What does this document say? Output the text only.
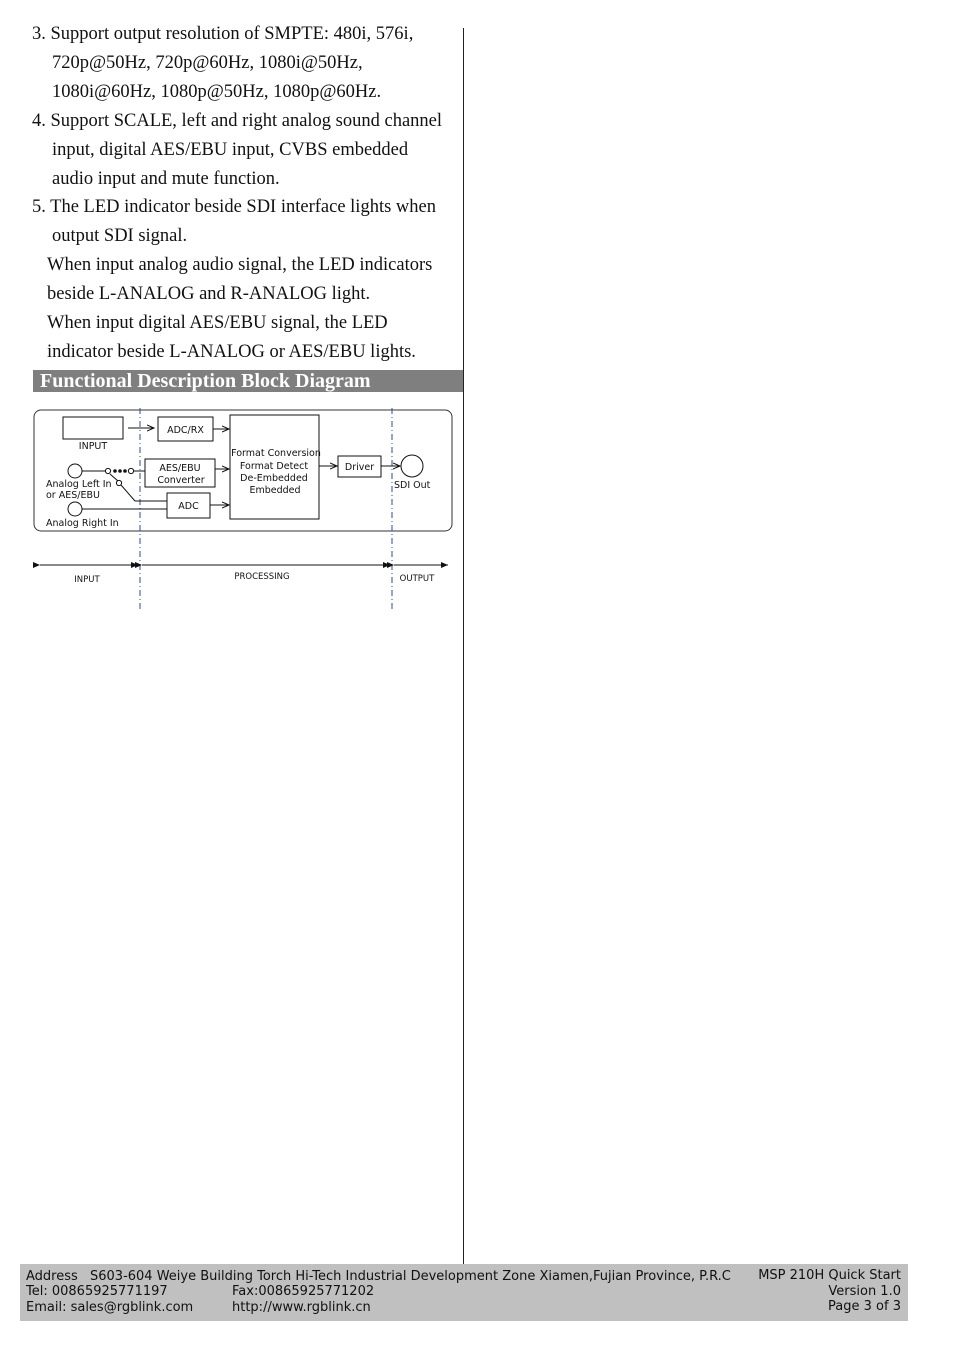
3. Support output resolution of SMPTE: 480i, 576i,
720p@50Hz, 720p@60Hz, 1080i@50Hz,
1080i@60Hz, 1080p@50Hz, 1080p@60Hz.
4. Support SCALE, left and right analog sound channel
input, digital AES/EBU input, CVBS embedded
audio input and mute function.
5. The LED indicator beside SDI interface lights when
output SDI signal.
When input analog audio signal, the LED indicators
beside L-ANALOG and R-ANALOG light.
When input digital AES/EBU signal, the LED
indicator beside L-ANALOG or AES/EBU lights.
Functional Description Block Diagram
INPUT
ADC/RX
AES/EBU
Converter
ADC
Format Conversion
Format Detect
De-Embedded
Embedded
Driver
SDI Out
Analog Left In
or AES/EBU
Analog Right In
INPUT	PROCESSING	OUTPUT
Address S603-604 Weiye Building Torch Hi-Tech Industrial Development Zone Xiamen,Fujian Province, P.R.C
Tel: 00865925771197	Fax:00865925771202
Email: sales@rgblink.com	http://www.rgblink.cn
MSP 210H Quick Start
Version 1.0
Page 3 of 3
